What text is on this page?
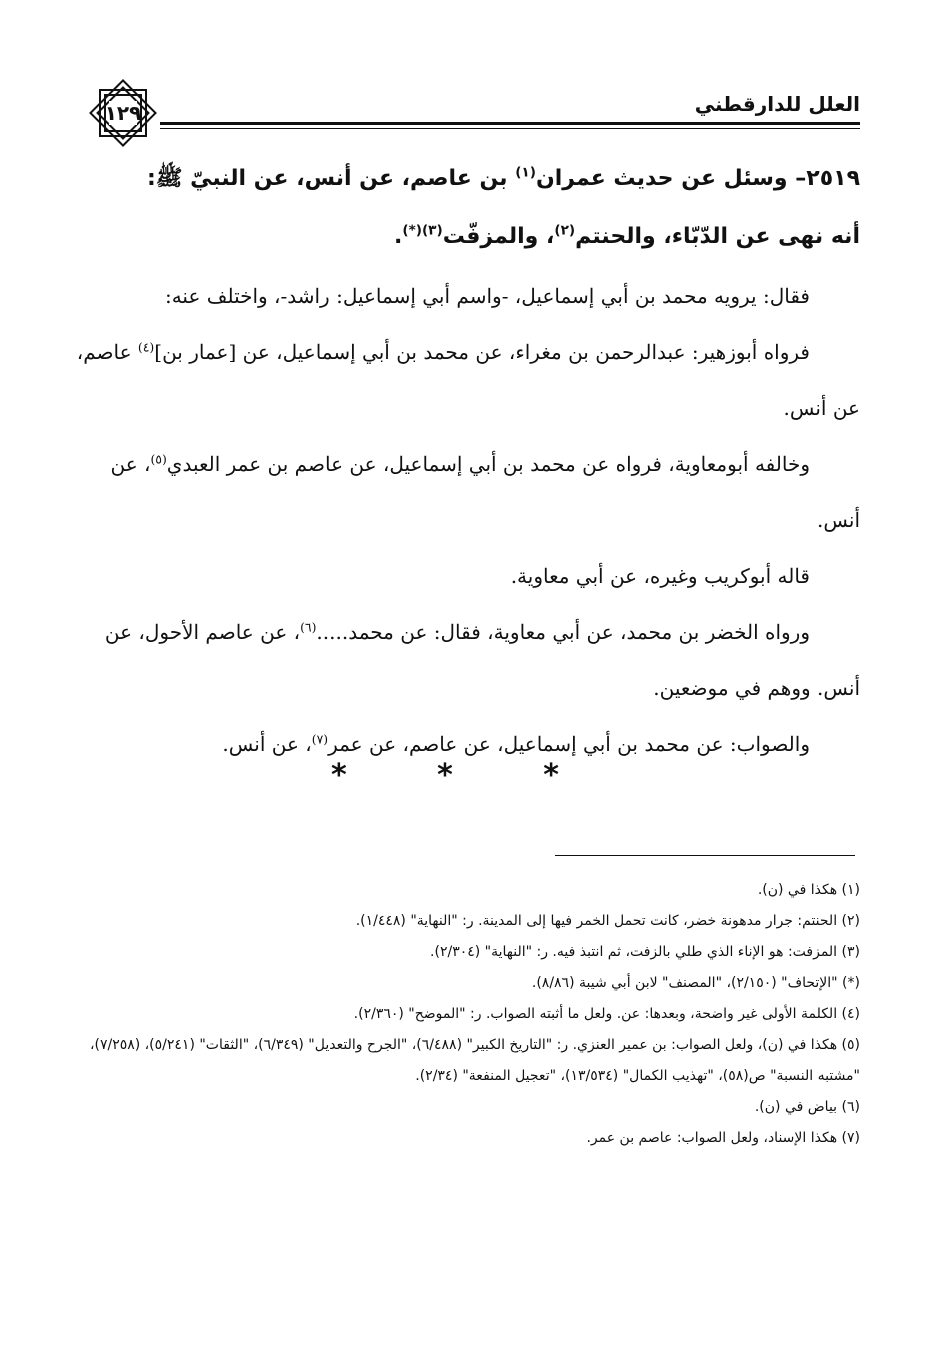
العلل للدارقطني
١٢٩
٢٥١٩– وسئل عن حديث عمران$^{(١)}$ بن عاصم، عن أنس، عن النبيّ ﷺ:
أنه نهى عن الدّبّاء، والحنتم$^{(٢)}$، والمزفّت$^{(٣)(*)}$.

فقال: يرويه محمد بن أبي إسماعيل، -واسم أبي إسماعيل: راشد-، واختلف عنه:

فرواه أبوزهير: عبدالرحمن بن مغراء، عن محمد بن أبي إسماعيل، عن [عمار بن]$^{(٤)}$ عاصم، عن أنس.

وخالفه أبومعاوية، فرواه عن محمد بن أبي إسماعيل، عن عاصم بن عمر العبدي$^{(٥)}$، عن أنس.

قاله أبوكريب وغيره، عن أبي معاوية.

ورواه الخضر بن محمد، عن أبي معاوية، فقال: عن محمد.....$^{(٦)}$، عن عاصم الأحول، عن أنس. ووهم في موضعين.

والصواب: عن محمد بن أبي إسماعيل، عن عاصم، عن عمر$^{(٧)}$، عن أنس.

* * *
(١) هكذا في (ن).
(٢) الحنتم: جرار مدهونة خضر، كانت تحمل الخمر فيها إلى المدينة. ر: "النهاية" (١/٤٤٨).
(٣) المزفت: هو الإناء الذي طلي بالزفت، ثم انتبذ فيه. ر: "النهاية" (٢/٣٠٤).
(*) "الإتحاف" (٢/١٥٠)، "المصنف" لابن أبي شيبة (٨/٨٦).
(٤) الكلمة الأولى غير واضحة، وبعدها: عن. ولعل ما أثبته الصواب. ر: "الموضح" (٢/٣٦٠).
(٥) هكذا في (ن)، ولعل الصواب: بن عمير العنزي. ر: "التاريخ الكبير" (٦/٤٨٨)، "الجرح والتعديل" (٦/٣٤٩)، "الثقات" (٥/٢٤١)، (٧/٢٥٨)، "مشتبه النسبة" ص(٥٨)، "تهذيب الكمال" (١٣/٥٣٤)، "تعجيل المنفعة" (٢/٣٤).
(٦) بياض في (ن).
(٧) هكذا الإسناد، ولعل الصواب: عاصم بن عمر.
